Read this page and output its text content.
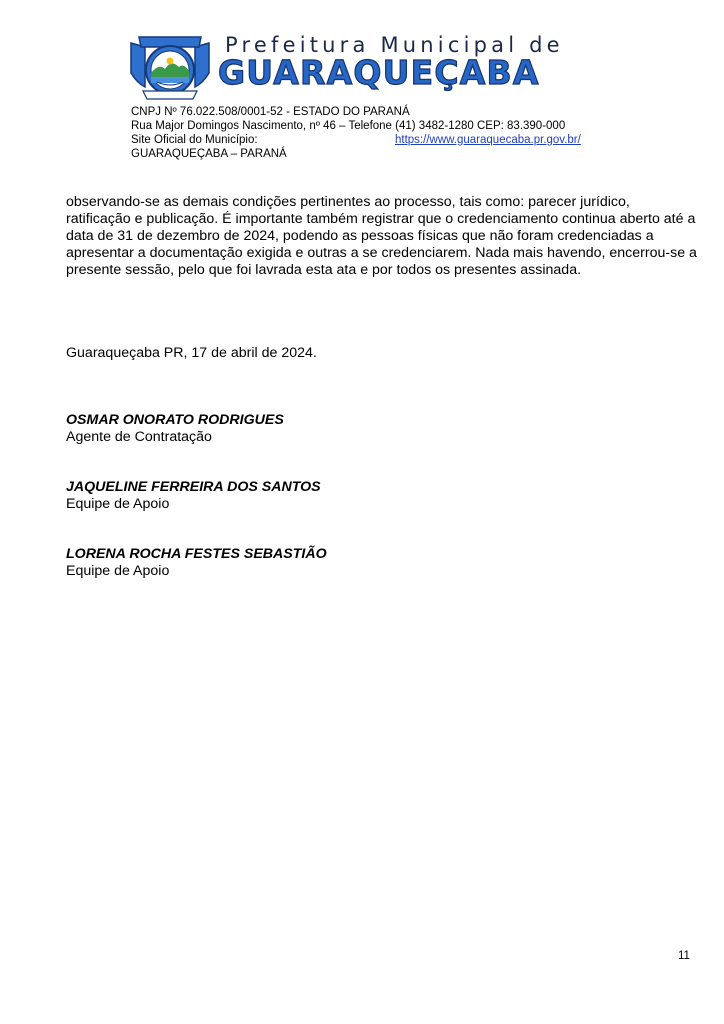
Prefeitura Municipal de
GUARAQUEÇABA
CNPJ Nº 76.022.508/0001-52 - ESTADO DO PARANÁ
Rua Major Domingos Nascimento, nº 46 – Telefone (41) 3482-1280 CEP: 83.390-000
Site Oficial do Município:	https://www.guaraquecaba.pr.gov.br/
GUARAQUEÇABA – PARANÁ
observando-se as demais condições pertinentes ao processo, tais como: parecer jurídico,
ratificação e publicação. É importante também registrar que o credenciamento continua aberto até a
data de 31 de dezembro de 2024, podendo as pessoas físicas que não foram credenciadas a
apresentar a documentação exigida e outras a se credenciarem. Nada mais havendo, encerrou-se a
presente sessão, pelo que foi lavrada esta ata e por todos os presentes assinada.
Guaraqueçaba PR, 17 de abril de 2024.
OSMAR ONORATO RODRIGUES
Agente de Contratação
JAQUELINE FERREIRA DOS SANTOS
Equipe de Apoio
LORENA ROCHA FESTES SEBASTIÃO
Equipe de Apoio
11
